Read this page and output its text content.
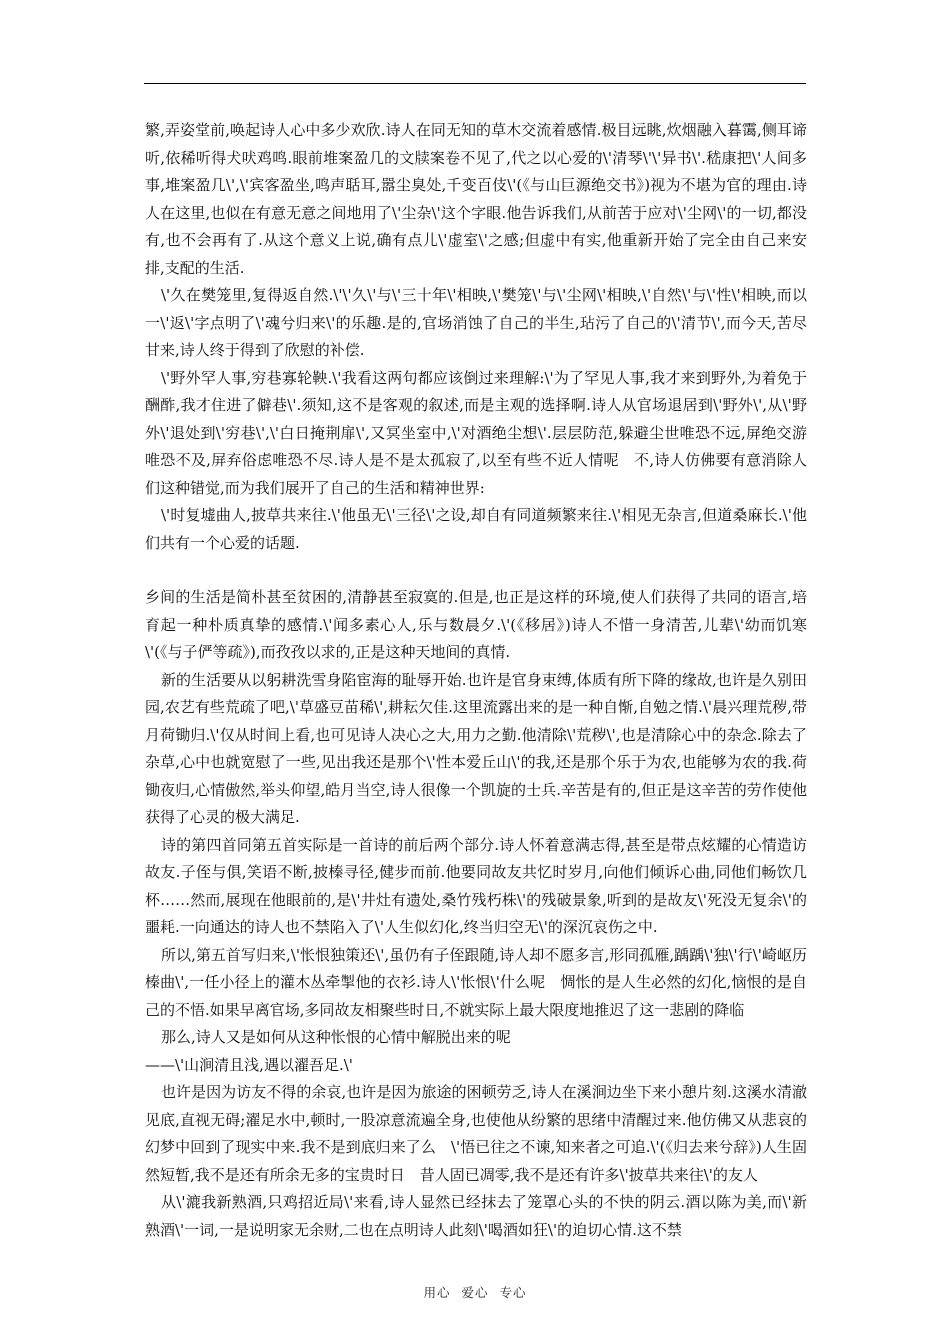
繁,弄姿堂前,唤起诗人心中多少欢欣.诗人在同无知的草木交流着感情.极目远眺,炊烟融入暮霭,侧耳谛听,依稀听得犬吠鸡鸣.眼前堆案盈几的文牍案卷不见了,代之以心爱的\'清琴\'\'异书\'.嵇康把\'人间多事,堆案盈几\',\'宾客盈坐,鸣声聒耳,嚣尘臭处,千变百伎\'(《与山巨源绝交书》)视为不堪为官的理由.诗人在这里,也似在有意无意之间地用了\'尘杂\'这个字眼.他告诉我们,从前苦于应对\'尘网\'的一切,都没有,也不会再有了.从这个意义上说,确有点儿\'虚室\'之感;但虚中有实,他重新开始了完全由自己来安排,支配的生活.

\'久在樊笼里,复得返自然.\'\'久\'与\'三十年\'相映,\'樊笼\'与\'尘网\'相映,\'自然\'与\'性\'相映,而以一\'返\'字点明了\'魂兮归来\'的乐趣.是的,官场消蚀了自己的半生,玷污了自己的\'清节\',而今天,苦尽甘来,诗人终于得到了欣慰的补偿.

\'野外罕人事,穷巷寡轮鞅.\'我看这两句都应该倒过来理解:\'为了罕见人事,我才来到野外,为着免于酬酢,我才住进了僻巷\'.须知,这不是客观的叙述,而是主观的选择啊.诗人从官场退居到\'野外\',从\'野外\'退处到\'穷巷\',\'白日掩荆扉\',又冥坐室中,\'对酒绝尘想\'.层层防范,躲避尘世唯恐不远,屏绝交游唯恐不及,屏弃俗虑唯恐不尽.诗人是不是太孤寂了,以至有些不近人情呢　不,诗人仿佛要有意消除人们这种错觉,而为我们展开了自己的生活和精神世界:

\'时复墟曲人,披草共来往.\'他虽无\'三径\'之设,却自有同道频繁来往.\'相见无杂言,但道桑麻长.\'他们共有一个心爱的话题.

乡间的生活是简朴甚至贫困的,清静甚至寂寞的.但是,也正是这样的环境,使人们获得了共同的语言,培育起一种朴质真挚的感情.\'闻多素心人,乐与数晨夕.\'(《移居》)诗人不惜一身清苦,儿辈\'幼而饥寒\'(《与子俨等疏》),而孜孜以求的,正是这种天地间的真情.

新的生活要从以躬耕洗雪身陷宦海的耻辱开始.也许是官身束缚,体质有所下降的缘故,也许是久别田园,农艺有些荒疏了吧,\'草盛豆苗稀\',耕耘欠佳.这里流露出来的是一种自惭,自勉之情.\'晨兴理荒秽,带月荷锄归.\'仅从时间上看,也可见诗人决心之大,用力之勤.他清除\'荒秽\',也是清除心中的杂念.除去了杂草,心中也就宽慰了一些,见出我还是那个\'性本爱丘山\'的我,还是那个乐于为农,也能够为农的我.荷锄夜归,心情傲然,举头仰望,皓月当空,诗人很像一个凯旋的士兵.辛苦是有的,但正是这辛苦的劳作使他获得了心灵的极大满足.

诗的第四首同第五首实际是一首诗的前后两个部分.诗人怀着意满志得,甚至是带点炫耀的心情造访故友.子侄与俱,笑语不断,披榛寻径,健步而前.他要同故友共忆时岁月,向他们倾诉心曲,同他们畅饮几杯……然而,展现在他眼前的,是\'井灶有遗处,桑竹残朽株\'的残破景象,听到的是故友\'死没无复余\'的噩耗.一向通达的诗人也不禁陷入了\'人生似幻化,终当归空无\'的深沉哀伤之中.

所以,第五首写归来,\'怅恨独策还\',虽仍有子侄跟随,诗人却不愿多言,形同孤雁,踽踽\'独\'行\'崎岖历榛曲\',一任小径上的灌木丛牵掣他的衣衫.诗人\'怅恨\'什么呢　惆怅的是人生必然的幻化,恼恨的是自己的不悟.如果早离官场,多同故友相聚些时日,不就实际上最大限度地推迟了这一悲剧的降临

那么,诗人又是如何从这种怅恨的心情中解脱出来的呢

——\'山涧清且浅,遇以濯吾足.\'

也许是因为访友不得的余哀,也许是因为旅途的困顿劳乏,诗人在溪涧边坐下来小憩片刻.这溪水清澈见底,直视无碍;濯足水中,顿时,一股凉意流遍全身,也使他从纷繁的思绪中清醒过来.他仿佛又从悲哀的幻梦中回到了现实中来.我不是到底归来了么　\'悟已往之不谏,知来者之可追.\'(《归去来兮辞》)人生固然短暂,我不是还有所余无多的宝贵时日　昔人固已凋零,我不是还有许多\'披草共来往\'的友人

从\'漉我新熟酒,只鸡招近局\'来看,诗人显然已经抹去了笼罩心头的不快的阴云.酒以陈为美,而\'新熟酒\'一词,一是说明家无余财,二也在点明诗人此刻\'喝酒如狂\'的迫切心情.这不禁

用心 爱心 专心
